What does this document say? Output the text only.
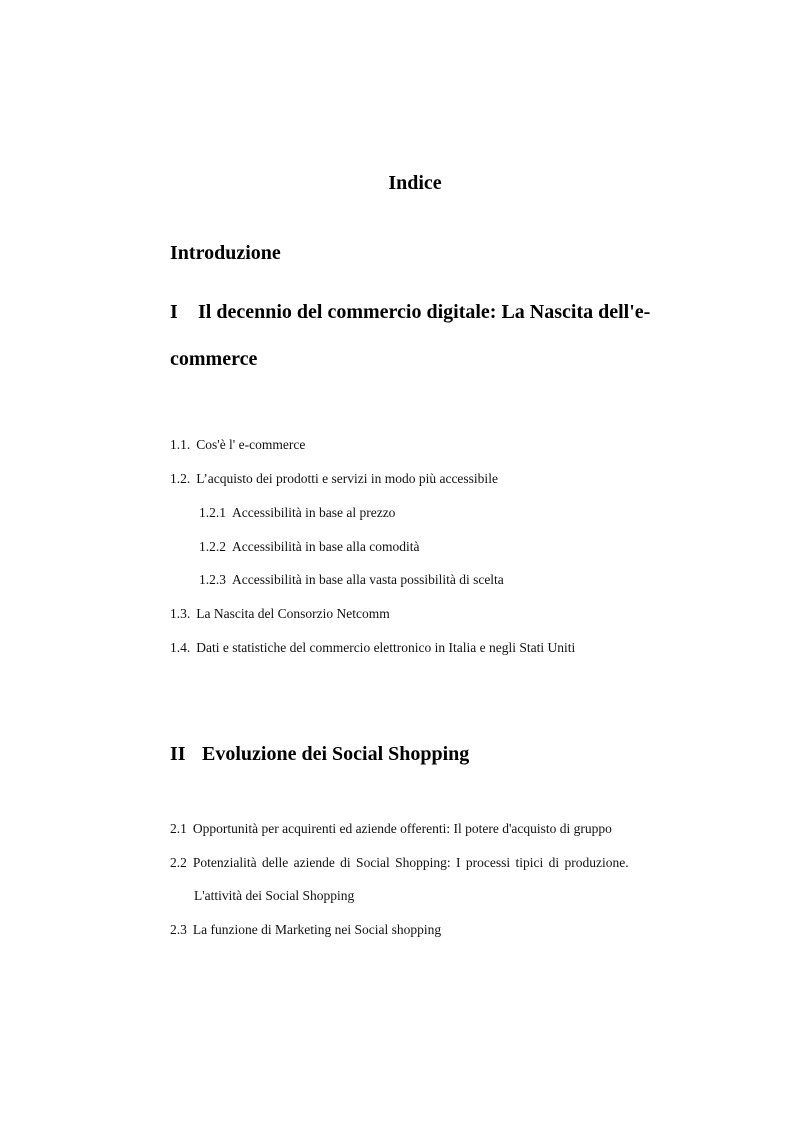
Indice
Introduzione
I Il decennio del commercio digitale: La Nascita dell'e-
commerce
1.1. Cos'è l' e-commerce
1.2. L’acquisto dei prodotti e servizi in modo più accessibile
1.2.1 Accessibilità in base al prezzo
1.2.2 Accessibilità in base alla comodità
1.2.3 Accessibilità in base alla vasta possibilità di scelta
1.3. La Nascita del Consorzio Netcomm
1.4. Dati e statistiche del commercio elettronico in Italia e negli Stati Uniti
II Evoluzione dei Social Shopping
2.1 Opportunità per acquirenti ed aziende offerenti: Il potere d'acquisto di gruppo
2.2 Potenzialità delle aziende di Social Shopping: I processi tipici di produzione.
L'attività dei Social Shopping
2.3 La funzione di Marketing nei Social shopping
